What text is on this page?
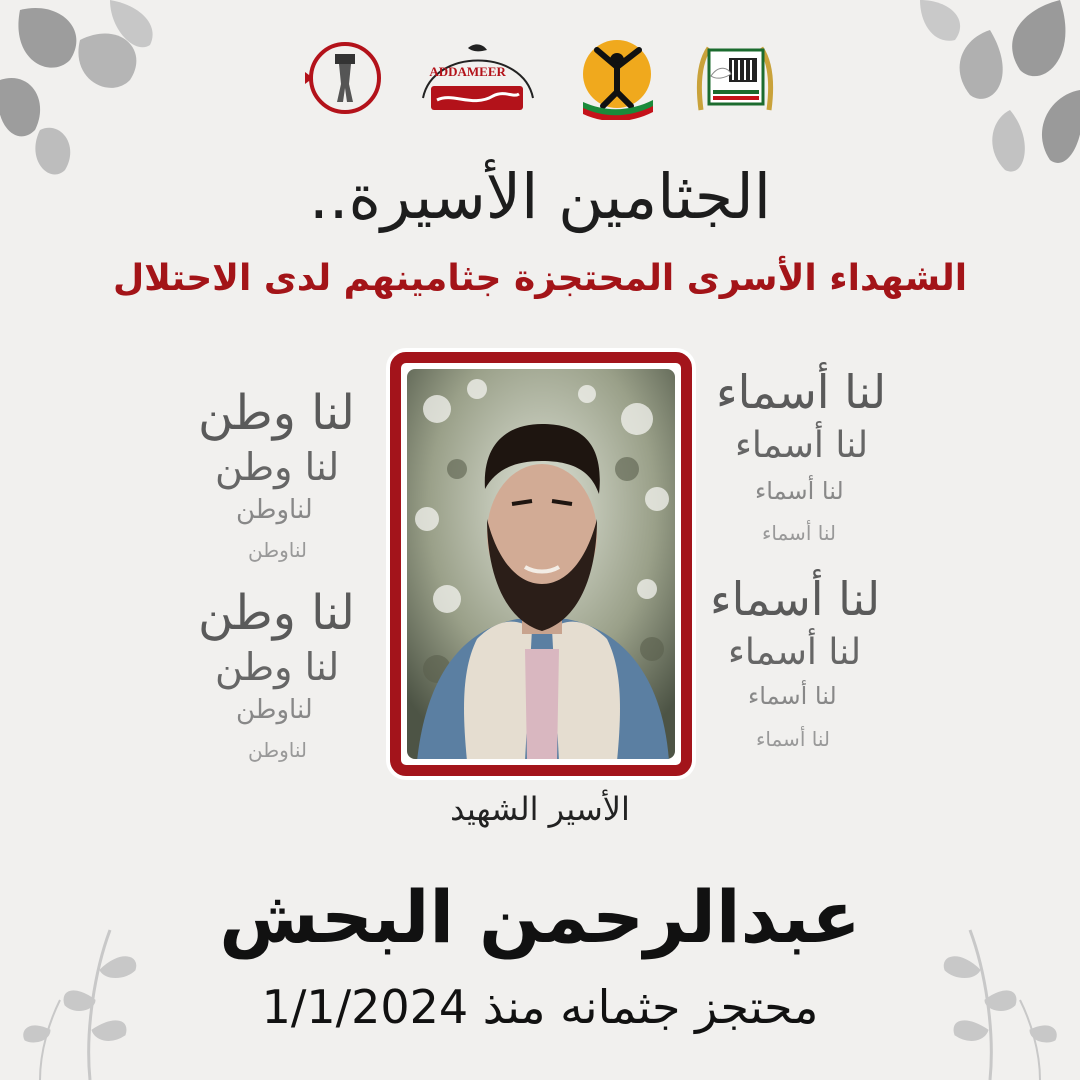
ADDAMEER
الجثامين الأسيرة..
الشهداء الأسرى المحتجزة جثامينهم لدى الاحتلال
لنا وطن
لنا وطن
لناوطن
لناوطن
لنا وطن
لنا وطن
لناوطن
لناوطن
لنا أسماء
لنا أسماء
لنا أسماء
لنا أسماء
لنا أسماء
لنا أسماء
لنا أسماء
لنا أسماء
الأسير الشهيد
عبدالرحمن البحش
محتجز جثمانه منذ 1/1/2024
